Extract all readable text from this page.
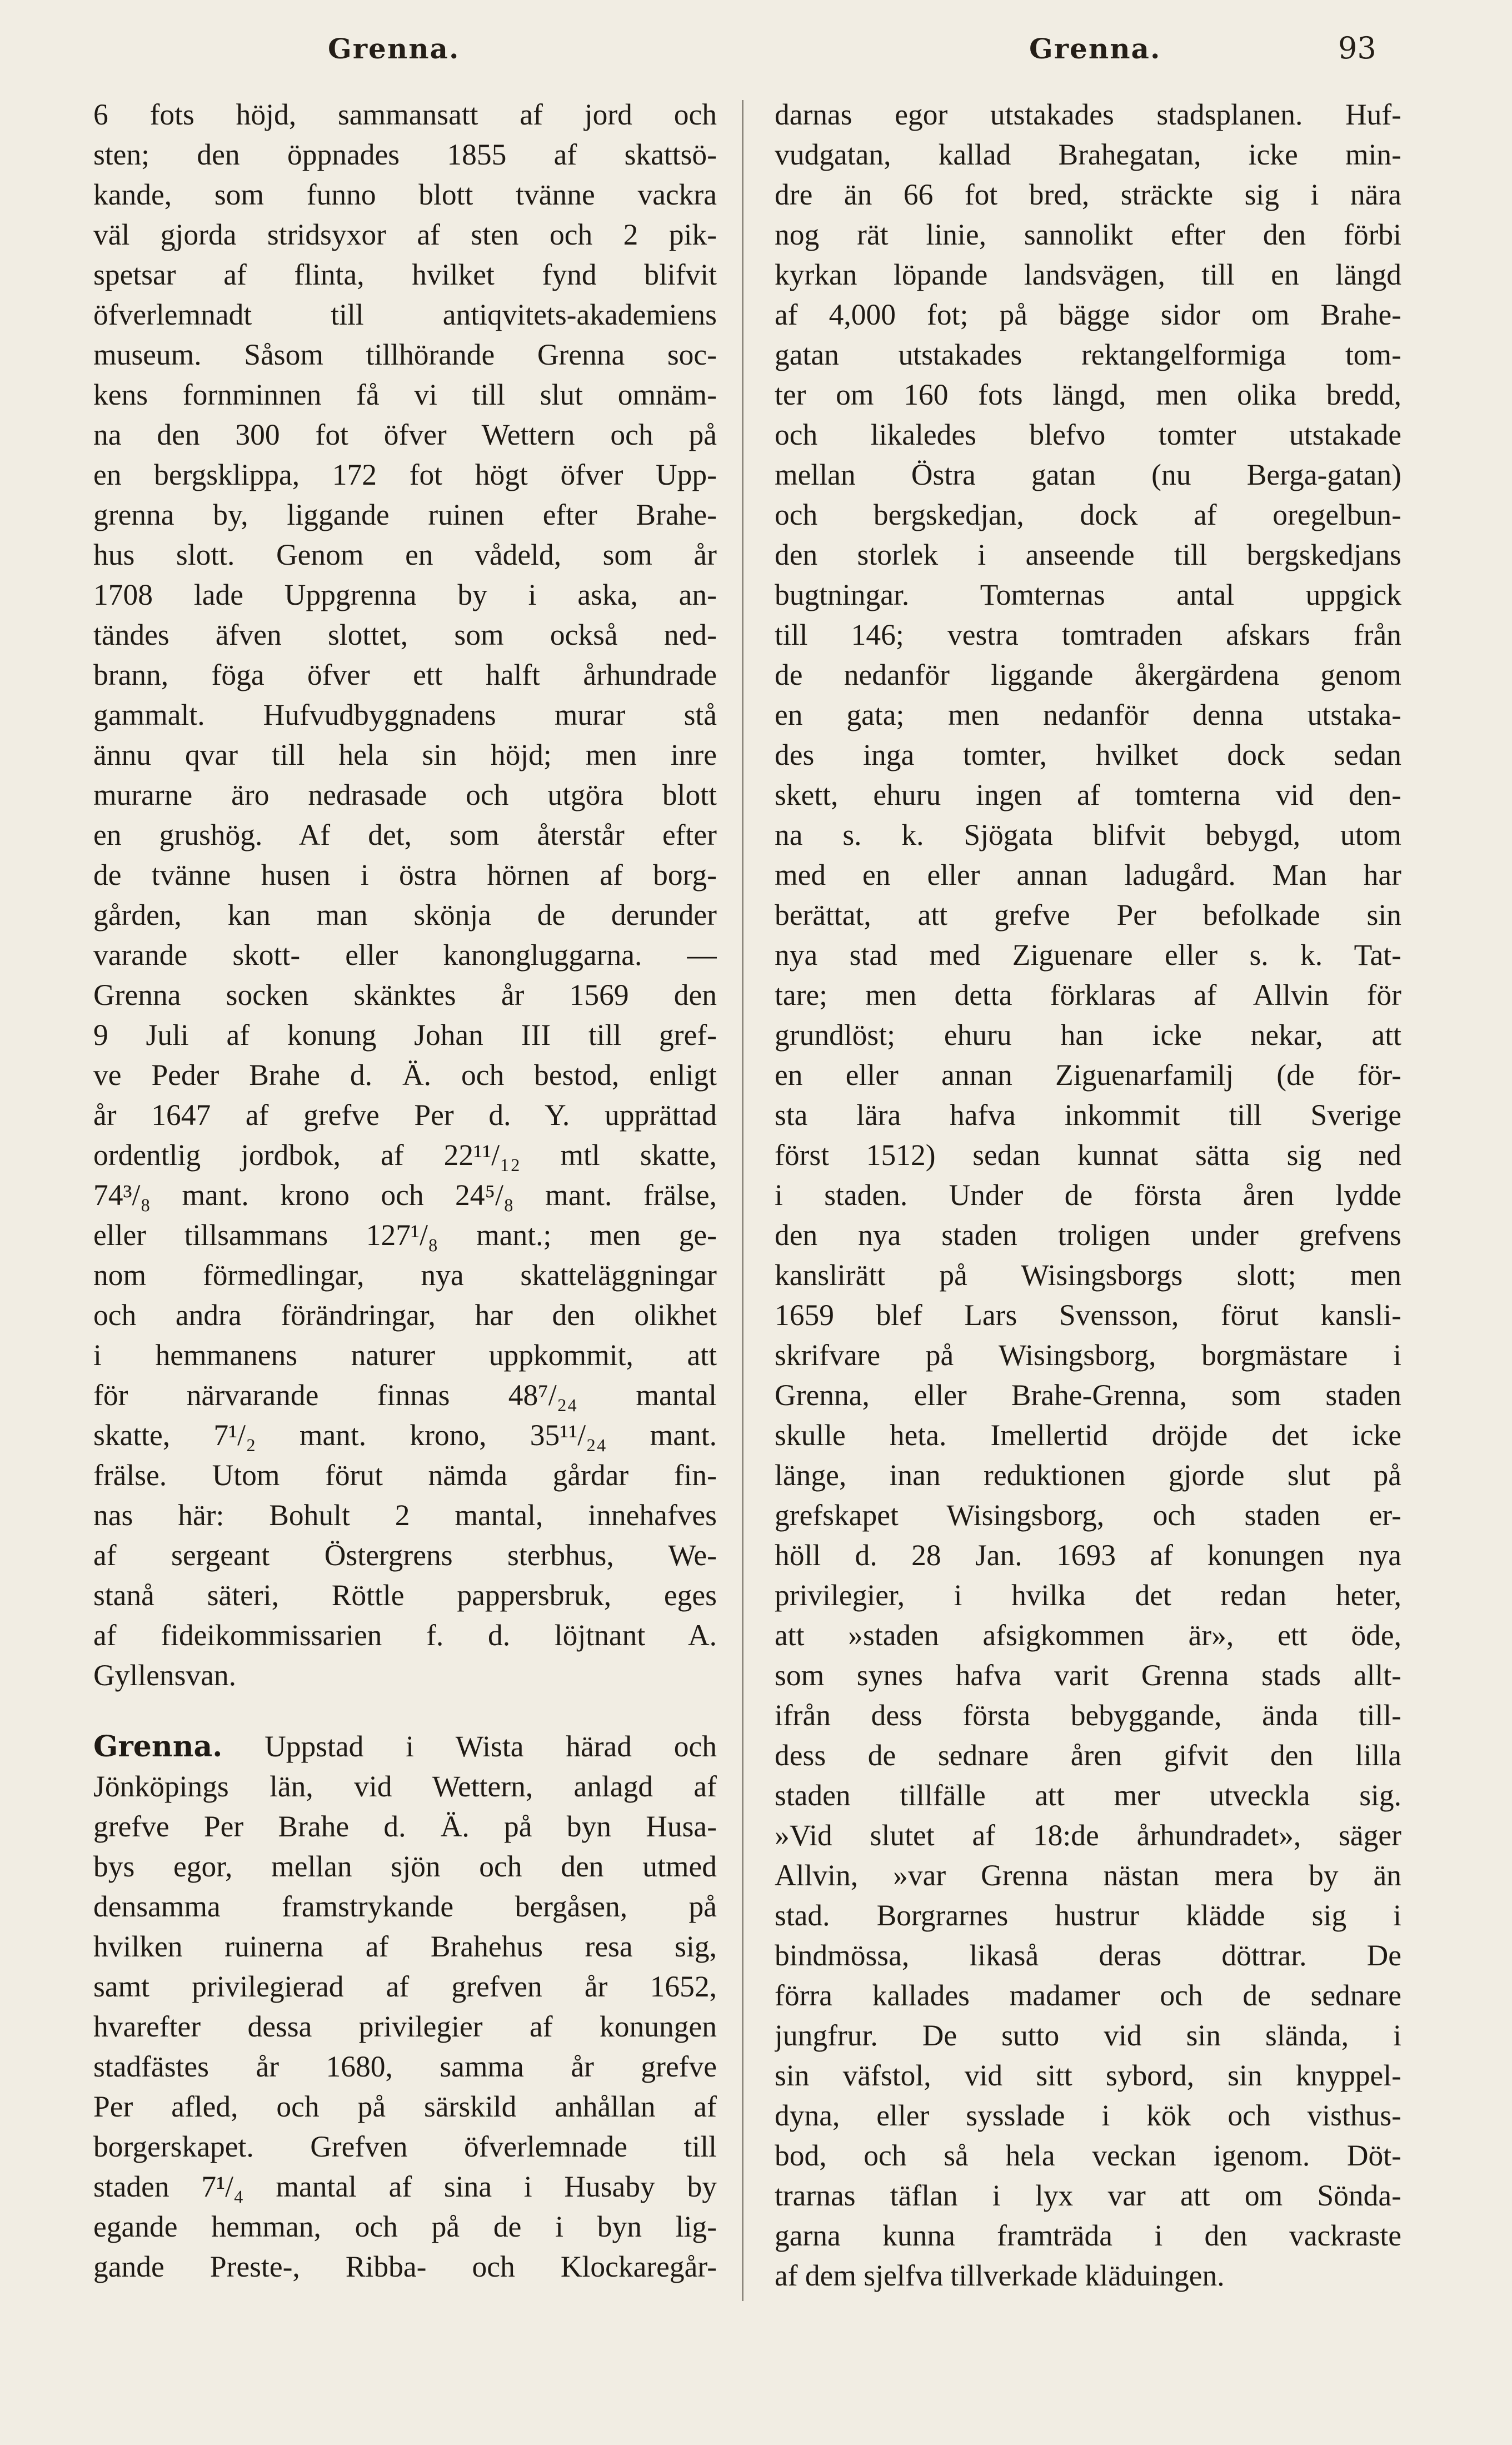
Grenna.	Grenna.	93
6 fots höjd, sammansatt af jord och
sten; den öppnades 1855 af skattsö-
kande, som funno blott tvänne vackra
väl gjorda stridsyxor af sten och 2 pik-
spetsar af flinta, hvilket fynd blifvit
öfverlemnadt till antiqvitets-akademiens
museum. Såsom tillhörande Grenna soc-
kens fornminnen få vi till slut omnäm-
na den 300 fot öfver Wettern och på
en bergsklippa, 172 fot högt öfver Upp-
grenna by, liggande ruinen efter Brahe-
hus slott. Genom en vådeld, som år
1708 lade Uppgrenna by i aska, an-
tändes äfven slottet, som också ned-
brann, föga öfver ett halft århundrade
gammalt. Hufvudbyggnadens murar stå
ännu qvar till hela sin höjd; men inre
murarne äro nedrasade och utgöra blott
en grushög. Af det, som återstår efter
de tvänne husen i östra hörnen af borg-
gården, kan man skönja de derunder
varande skott- eller kanongluggarna. —
Grenna socken skänktes år 1569 den
9 Juli af konung Johan III till gref-
ve Peder Brahe d. Ä. och bestod, enligt
år 1647 af grefve Per d. Y. upprättad
ordentlig jordbok, af 22¹¹/₁₂ mtl skatte,
74³/₈ mant. krono och 24⁵/₈ mant. frälse,
eller tillsammans 127¹/₈ mant.; men ge-
nom förmedlingar, nya skatteläggningar
och andra förändringar, har den olikhet
i hemmanens naturer uppkommit, att
för närvarande finnas 48⁷/₂₄ mantal
skatte, 7¹/₂ mant. krono, 35¹¹/₂₄ mant.
frälse. Utom förut nämda gårdar fin-
nas här: Bohult 2 mantal, innehafves
af sergeant Östergrens sterbhus, We-
stanå säteri, Röttle pappersbruk, eges
af fideikommissarien f. d. löjtnant A.
Gyllensvan.
Grenna. Uppstad i Wista härad och
Jönköpings län, vid Wettern, anlagd af
grefve Per Brahe d. Ä. på byn Husa-
bys egor, mellan sjön och den utmed
densamma framstrykande bergåsen, på
hvilken ruinerna af Brahehus resa sig,
samt privilegierad af grefven år 1652,
hvarefter dessa privilegier af konungen
stadfästes år 1680, samma år grefve
Per afled, och på särskild anhållan af
borgerskapet. Grefven öfverlemnade till
staden 7¹/₄ mantal af sina i Husaby by
egande hemman, och på de i byn lig-
gande Preste-, Ribba- och Klockaregår-
darnas egor utstakades stadsplanen. Huf-
vudgatan, kallad Brahegatan, icke min-
dre än 66 fot bred, sträckte sig i nära
nog rät linie, sannolikt efter den förbi
kyrkan löpande landsvägen, till en längd
af 4,000 fot; på bägge sidor om Brahe-
gatan utstakades rektangelformiga tom-
ter om 160 fots längd, men olika bredd,
och likaledes blefvo tomter utstakade
mellan Östra gatan (nu Berga-gatan)
och bergskedjan, dock af oregelbun-
den storlek i anseende till bergskedjans
bugtningar. Tomternas antal uppgick
till 146; vestra tomtraden afskars från
de nedanför liggande åkergärdena genom
en gata; men nedanför denna utstaka-
des inga tomter, hvilket dock sedan
skett, ehuru ingen af tomterna vid den-
na s. k. Sjögata blifvit bebygd, utom
med en eller annan ladugård. Man har
berättat, att grefve Per befolkade sin
nya stad med Ziguenare eller s. k. Tat-
tare; men detta förklaras af Allvin för
grundlöst; ehuru han icke nekar, att
en eller annan Ziguenarfamilj (de för-
sta lära hafva inkommit till Sverige
först 1512) sedan kunnat sätta sig ned
i staden. Under de första åren lydde
den nya staden troligen under grefvens
kanslirätt på Wisingsborgs slott; men
1659 blef Lars Svensson, förut kansli-
skrifvare på Wisingsborg, borgmästare i
Grenna, eller Brahe-Grenna, som staden
skulle heta. Imellertid dröjde det icke
länge, inan reduktionen gjorde slut på
grefskapet Wisingsborg, och staden er-
höll d. 28 Jan. 1693 af konungen nya
privilegier, i hvilka det redan heter,
att »staden afsigkommen är», ett öde,
som synes hafva varit Grenna stads allt-
ifrån dess första bebyggande, ända till-
dess de sednare åren gifvit den lilla
staden tillfälle att mer utveckla sig.
»Vid slutet af 18:de århundradet», säger
Allvin, »var Grenna nästan mera by än
stad. Borgrarnes hustrur klädde sig i
bindmössa, likaså deras döttrar. De
förra kallades madamer och de sednare
jungfrur. De sutto vid sin slända, i
sin väfstol, vid sitt sybord, sin knyppel-
dyna, eller sysslade i kök och visthus-
bod, och så hela veckan igenom. Döt-
trarnas täflan i lyx var att om Sönda-
garna kunna framträda i den vackraste
af dem sjelfva tillverkade kläduingen.
